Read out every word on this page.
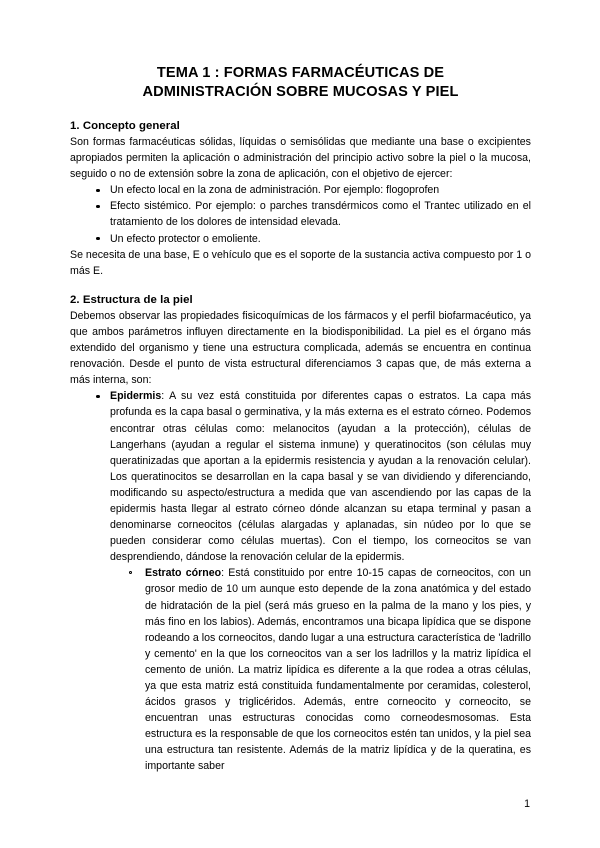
TEMA 1 : FORMAS FARMACÉUTICAS DE
ADMINISTRACIÓN SOBRE MUCOSAS Y PIEL
1. Concepto general

Son formas farmacéuticas sólidas, líquidas o semisólidas que mediante una base o excipientes apropiados permiten la aplicación o administración del principio activo sobre la piel o la mucosa, seguido o no de extensión sobre la zona de aplicación, con el objetivo de ejercer:

Un efecto local en la zona de administración. Por ejemplo: flogoprofen
Efecto sistémico. Por ejemplo: o parches transdérmicos como el Trantec utilizado en el tratamiento de los dolores de intensidad elevada.
Un efecto protector o emoliente.

Se necesita de una base, E o vehículo que es el soporte de la sustancia activa compuesto por 1 o más E.

2. Estructura de la piel

Debemos observar las propiedades fisicoquímicas de los fármacos y el perfil biofarmacéutico, ya que ambos parámetros influyen directamente en la biodisponibilidad. La piel es el órgano más extendido del organismo y tiene una estructura complicada, además se encuentra en continua renovación. Desde el punto de vista estructural diferenciamos 3 capas que, de más externa a más interna, son:

Epidermis: A su vez está constituida por diferentes capas o estratos. La capa más profunda es la capa basal o germinativa, y la más externa es el estrato córneo. Podemos encontrar otras células como: melanocitos (ayudan a la protección), células de Langerhans (ayudan a regular el sistema inmune) y queratinocitos (son células muy queratinizadas que aportan a la epidermis resistencia y ayudan a la renovación celular). Los queratinocitos se desarrollan en la capa basal y se van dividiendo y diferenciando, modificando su aspecto/estructura a medida que van ascendiendo por las capas de la epidermis hasta llegar al estrato córneo dónde alcanzan su etapa terminal y pasan a denominarse corneocitos (células alargadas y aplanadas, sin núdeo por lo que se pueden considerar como células muertas). Con el tiempo, los corneocitos se van desprendiendo, dándose la renovación celular de la epidermis.
Estrato córneo: Está constituido por entre 10-15 capas de corneocitos, con un grosor medio de 10 um aunque esto depende de la zona anatómica y del estado de hidratación de la piel (será más grueso en la palma de la mano y los pies, y más fino en los labios). Además, encontramos una bicapa lipídica que se dispone rodeando a los corneocitos, dando lugar a una estructura característica de 'ladrillo y cemento' en la que los corneocitos van a ser los ladrillos y la matriz lipídica el cemento de unión. La matriz lipídica es diferente a la que rodea a otras células, ya que esta matriz está constituida fundamentalmente por ceramidas, colesterol, ácidos grasos y triglicéridos. Además, entre corneocito y corneocito, se encuentran unas estructuras conocidas como corneodesmosomas. Esta estructura es la responsable de que los corneocitos estén tan unidos, y la piel sea una estructura tan resistente. Además de la matriz lipídica y de la queratina, es importante saber
1
